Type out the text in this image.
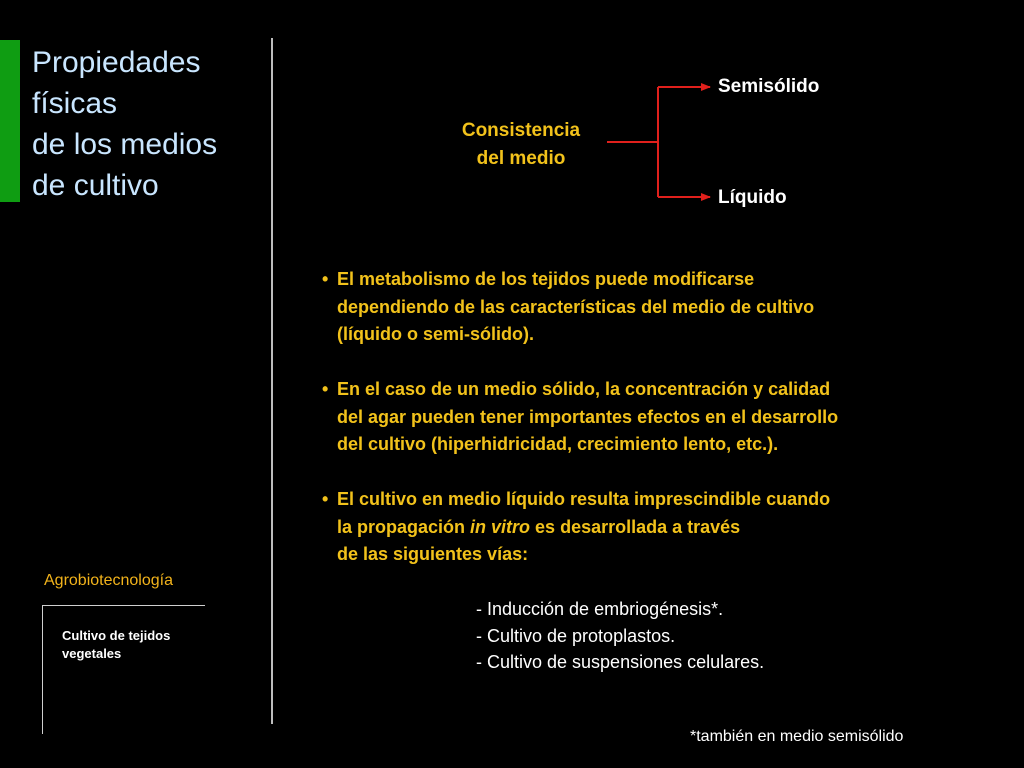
Propiedades
físicas
de los medios
de cultivo
Agrobiotecnología
Cultivo de tejidos
vegetales
Consistencia
del medio
Semisólido
Líquido
• El metabolismo de los tejidos puede modificarse
dependiendo de las características del medio de cultivo
(líquido o semi-sólido).
• En el caso de un medio sólido, la concentración y calidad
del agar pueden tener importantes efectos en el desarrollo
del cultivo (hiperhidricidad, crecimiento lento, etc.).
• El cultivo en medio líquido resulta imprescindible cuando
la propagación in vitro es desarrollada a través
de las siguientes vías:
- Inducción de embriogénesis*.
- Cultivo de protoplastos.
- Cultivo de suspensiones celulares.
*también en medio semisólido
